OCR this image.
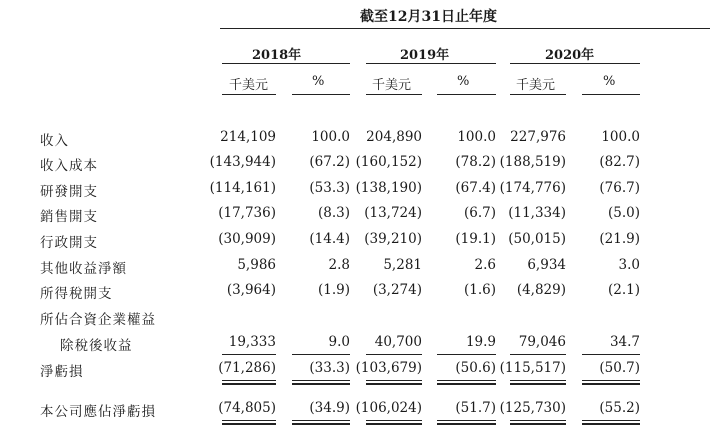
截至12月31日止年度
2018年	2019年	2020年
千美元	%	千美元	%	千美元	%
收入	214,109	100.0 204,890	100.0 227,976	100.0
收入成本	(143,944) (67.2) (160,152) (78.2) (188,519) (82.7)
研發開支	(114,161) (53.3) (138,190) (67.4) (174,776) (76.7)
銷售開支	(17,736)	(8.3) (13,724)	(6.7) (11,334)	(5.0)
行政開支	(30,909) (14.4) (39,210) (19.1) (50,015) (21.9)
其他收益淨額	5,986	2.8 5,281	2.6 6,934	3.0
所得稅開支	(3,964)	(1.9) (3,274)	(1.6) (4,829)	(2.1)
所佔合資企業權益
除稅後收益	19,333	9.0 40,700	19.9 79,046	34.7
淨虧損	(71,286) (33.3) (103,679) (50.6) (115,517) (50.7)
本公司應佔淨虧損	(74,805) (34.9) (106,024) (51.7) (125,730) (55.2)
